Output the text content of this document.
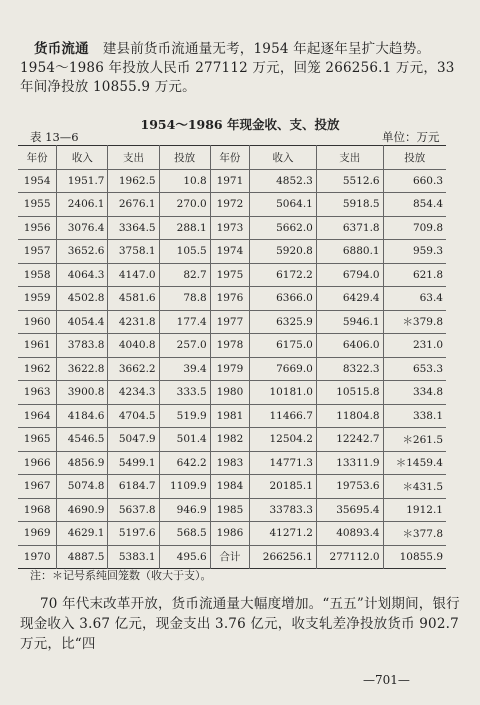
货币流通 建县前货币流通量无考，1954 年起逐年呈扩大趋势。1954～1986 年投放人民币 277112 万元，回笼 266256.1 万元，33 年间净投放 10855.9 万元。
1954～1986 年现金收、支、投放
表 13—6	单位：万元
年份	收入	支出	投放	年份	收入	支出	投放
1954	1951.7	1962.5	10.8	1971	4852.3	5512.6	660.3
1955	2406.1	2676.1	270.0	1972	5064.1	5918.5	854.4
1956	3076.4	3364.5	288.1	1973	5662.0	6371.8	709.8
1957	3652.6	3758.1	105.5	1974	5920.8	6880.1	959.3
1958	4064.3	4147.0	82.7	1975	6172.2	6794.0	621.8
1959	4502.8	4581.6	78.8	1976	6366.0	6429.4	63.4
1960	4054.4	4231.8	177.4	1977	6325.9	5946.1	＊379.8
1961	3783.8	4040.8	257.0	1978	6175.0	6406.0	231.0
1962	3622.8	3662.2	39.4	1979	7669.0	8322.3	653.3
1963	3900.8	4234.3	333.5	1980	10181.0	10515.8	334.8
1964	4184.6	4704.5	519.9	1981	11466.7	11804.8	338.1
1965	4546.5	5047.9	501.4	1982	12504.2	12242.7	＊261.5
1966	4856.9	5499.1	642.2	1983	14771.3	13311.9	＊1459.4
1967	5074.8	6184.7	1109.9	1984	20185.1	19753.6	＊431.5
1968	4690.9	5637.8	946.9	1985	33783.3	35695.4	1912.1
1969	4629.1	5197.6	568.5	1986	41271.2	40893.4	＊377.8
1970	4887.5	5383.1	495.6	合计	266256.1	277112.0	10855.9
注：＊记号系纯回笼数（收大于支）。
70 年代末改革开放，货币流通量大幅度增加。“五五”计划期间，银行现金收入 3.67 亿元，现金支出 3.76 亿元，收支轧差净投放货币 902.7 万元，比“四
—701—
